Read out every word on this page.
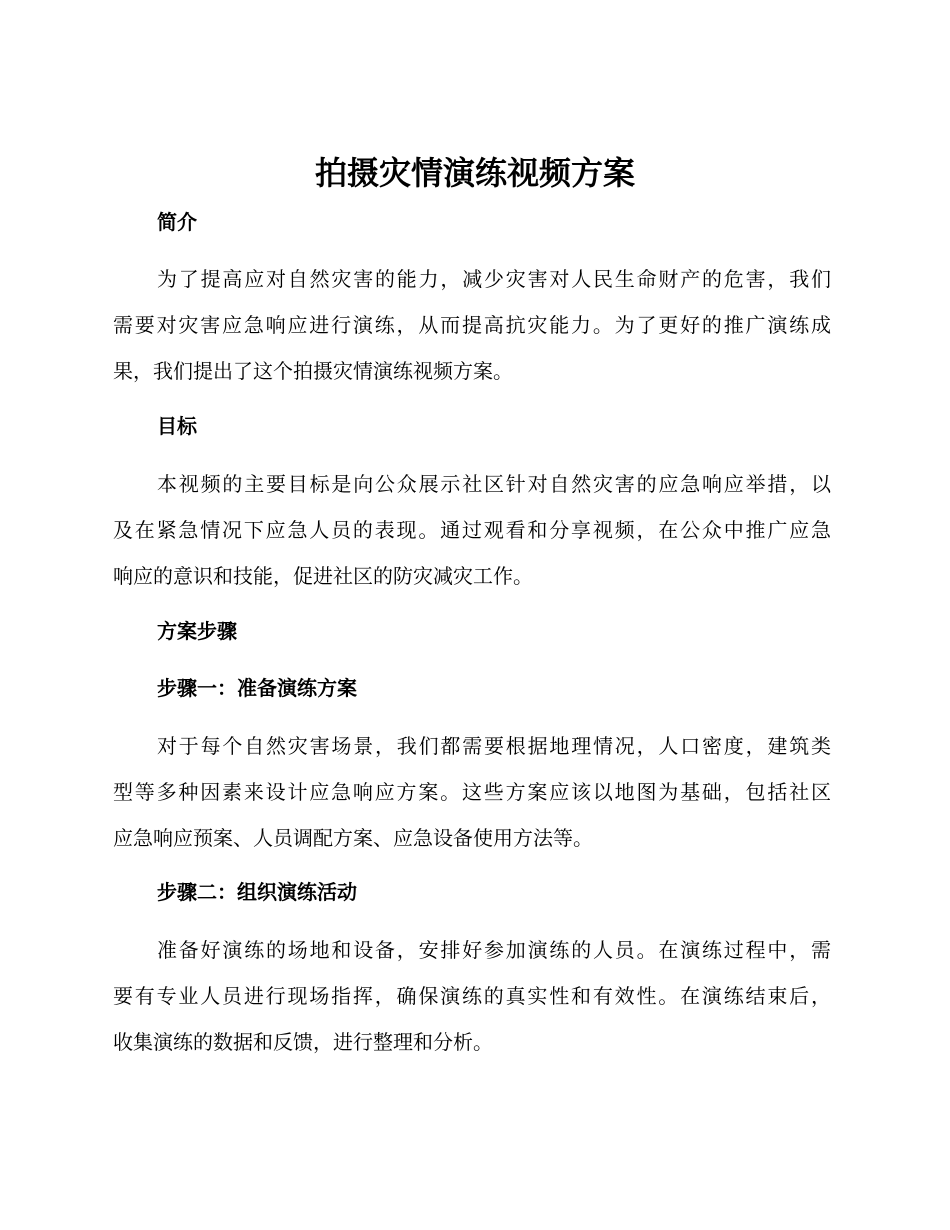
拍摄灾情演练视频方案
简介
为了提高应对自然灾害的能力，减少灾害对人民生命财产的危害，我们
需要对灾害应急响应进行演练，从而提高抗灾能力。为了更好的推广演练成
果，我们提出了这个拍摄灾情演练视频方案。
目标
本视频的主要目标是向公众展示社区针对自然灾害的应急响应举措，以
及在紧急情况下应急人员的表现。通过观看和分享视频，在公众中推广应急
响应的意识和技能，促进社区的防灾减灾工作。
方案步骤
步骤一：准备演练方案
对于每个自然灾害场景，我们都需要根据地理情况，人口密度，建筑类
型等多种因素来设计应急响应方案。这些方案应该以地图为基础，包括社区
应急响应预案、人员调配方案、应急设备使用方法等。
步骤二：组织演练活动
准备好演练的场地和设备，安排好参加演练的人员。在演练过程中，需
要有专业人员进行现场指挥，确保演练的真实性和有效性。在演练结束后，
收集演练的数据和反馈，进行整理和分析。
